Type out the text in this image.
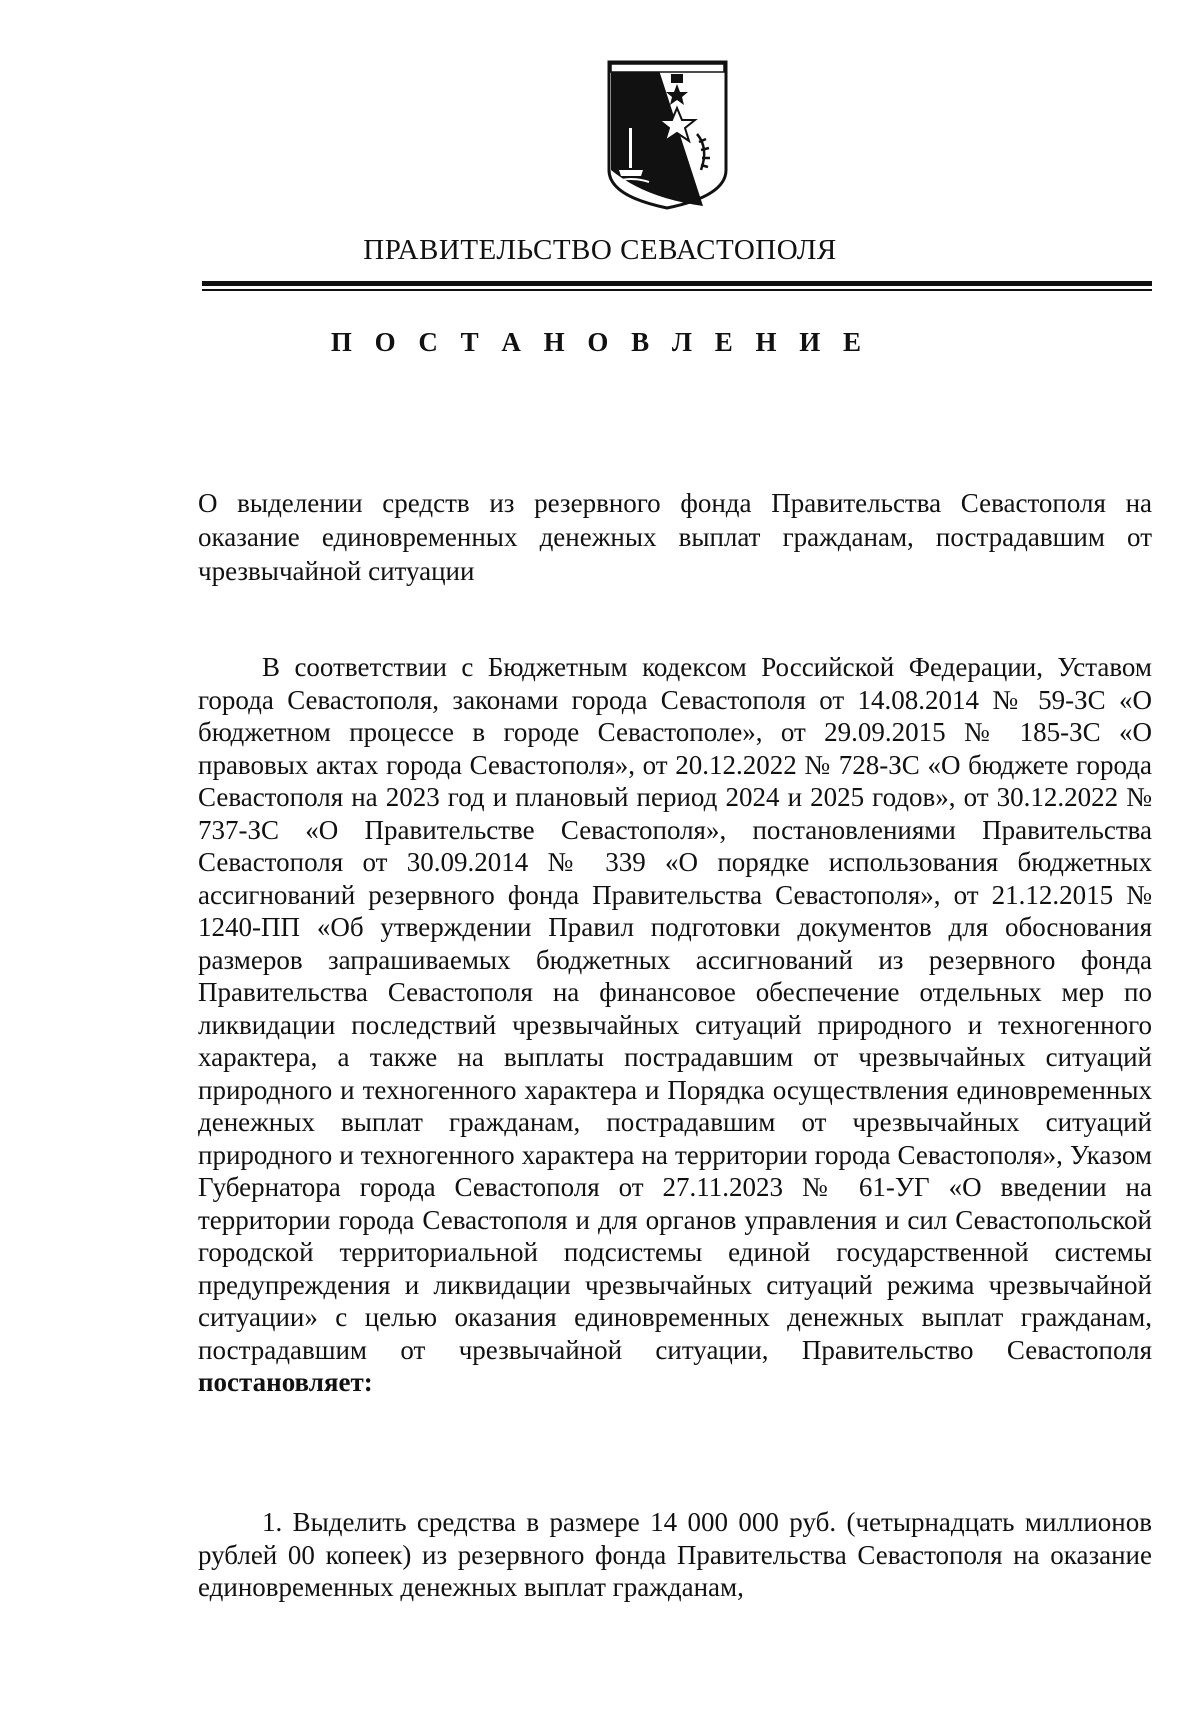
ПРАВИТЕЛЬСТВО СЕВАСТОПОЛЯ
П О С Т А Н О В Л Е Н И Е

О выделении средств из резервного фонда Правительства Севастополя на оказание единовременных денежных выплат гражданам, пострадавшим от чрезвычайной ситуации

В соответствии с Бюджетным кодексом Российской Федерации, Уставом города Севастополя, законами города Севастополя от 14.08.2014 № 59-ЗС «О бюджетном процессе в городе Севастополе», от 29.09.2015 № 185-ЗС «О правовых актах города Севастополя», от 20.12.2022 № 728-ЗС «О бюджете города Севастополя на 2023 год и плановый период 2024 и 2025 годов», от 30.12.2022 № 737-ЗС «О Правительстве Севастополя», постановлениями Правительства Севастополя от 30.09.2014 № 339 «О порядке использования бюджетных ассигнований резервного фонда Правительства Севастополя», от 21.12.2015 № 1240-ПП «Об утверждении Правил подготовки документов для обоснования размеров запрашиваемых бюджетных ассигнований из резервного фонда Правительства Севастополя на финансовое обеспечение отдельных мер по ликвидации последствий чрезвычайных ситуаций природного и техногенного характера, а также на выплаты пострадавшим от чрезвычайных ситуаций природного и техногенного характера и Порядка осуществления единовременных денежных выплат гражданам, пострадавшим от чрезвычайных ситуаций природного и техногенного характера на территории города Севастополя», Указом Губернатора города Севастополя от 27.11.2023 № 61-УГ «О введении на территории города Севастополя и для органов управления и сил Севастопольской городской территориальной подсистемы единой государственной системы предупреждения и ликвидации чрезвычайных ситуаций режима чрезвычайной ситуации» с целью оказания единовременных денежных выплат гражданам, пострадавшим от чрезвычайной ситуации, Правительство Севастополя постановляет:

1. Выделить средства в размере 14 000 000 руб. (четырнадцать миллионов рублей 00 копеек) из резервного фонда Правительства Севастополя на оказание единовременных денежных выплат гражданам,
